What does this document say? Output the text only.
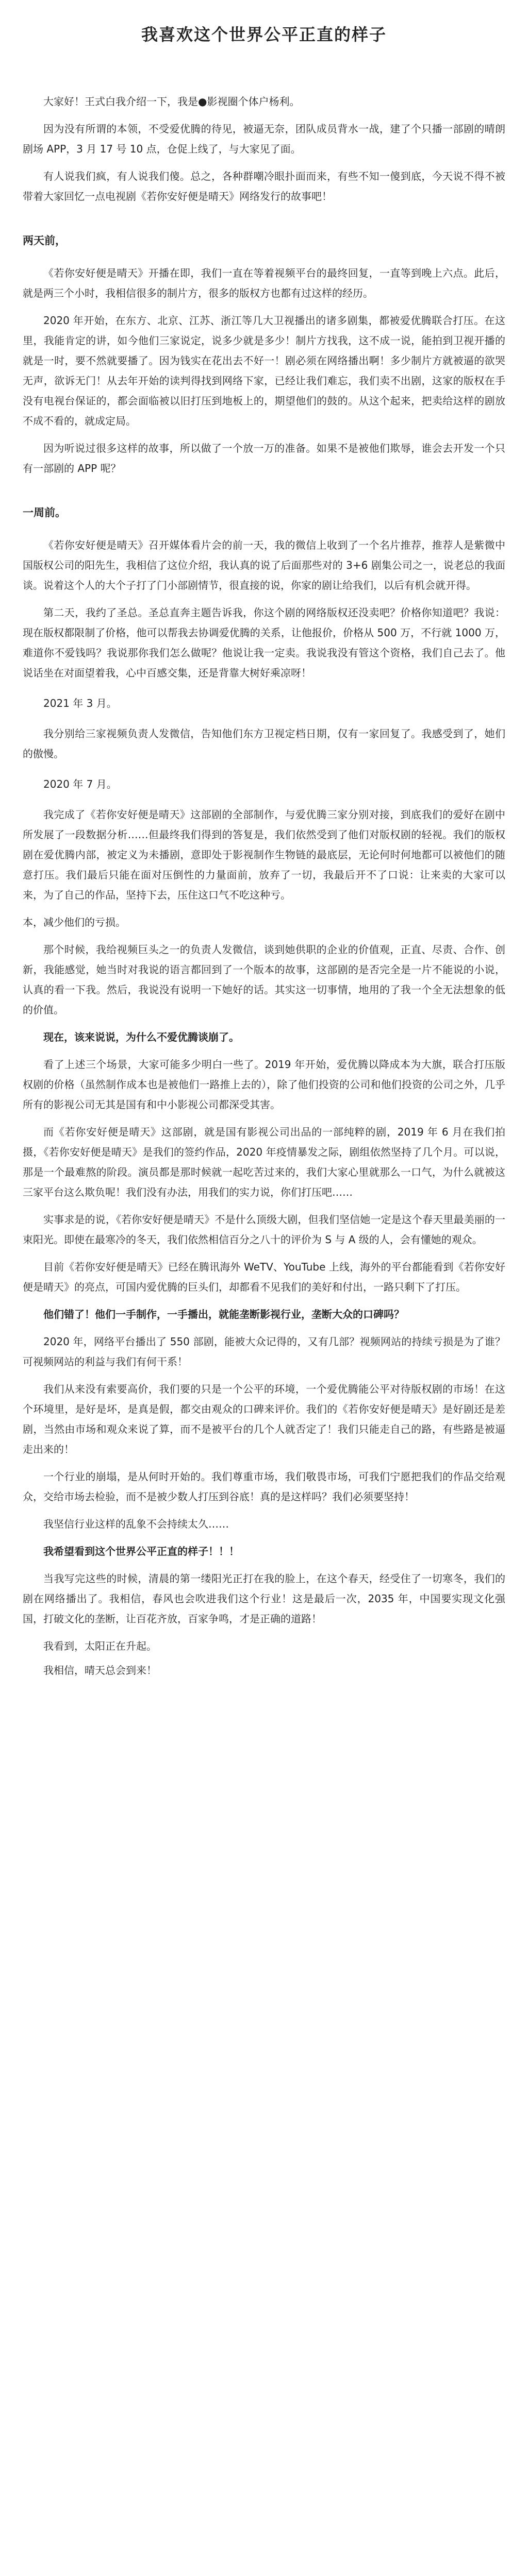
我喜欢这个世界公平正直的样子
大家好！王式白我介绍一下，我是●影视圈个体户杨利。
因为没有所谓的本领，不受爱优腾的待见，被逼无奈，团队成员背水一战，建了个只播一部剧的晴朗剧场 APP，3 月 17 号 10 点，仓促上线了，与大家见了面。
有人说我们疯，有人说我们傻。总之，各种群嘲冷眼扑面而来，有些不知一傻到底，今天说不得不被带着大家回忆一点电视剧《若你安好便是晴天》网络发行的故事吧！
两天前，
《若你安好便是晴天》开播在即，我们一直在等着视频平台的最终回复，一直等到晚上六点。此后，就是两三个小时，我相信很多的制片方，很多的版权方也都有过这样的经历。
2020 年开始，在东方、北京、江苏、浙江等几大卫视播出的诸多剧集，都被爱优腾联合打压。在这里，我能肯定的讲，如今他们三家说定，说多少就是多少！制片方找我，这不成一说，能拍到卫视开播的就是一时，要不然就要播了。因为钱实在花出去不好一！剧必须在网络播出啊！多少制片方就被逼的欲哭无声，欲诉无门！从去年开始的读判得找到网络下家，已经让我们难忘，我们卖不出剧，这家的版权在手没有电视台保证的，都会面临被以旧打压到地板上的，期望他们的鼓的。从这个起来，把卖给这样的剧放不成不看的，就成定局。
因为听说过很多这样的故事，所以做了一个放一万的准备。如果不是被他们欺辱，谁会去开发一个只有一部剧的 APP 呢？
一周前。
《若你安好便是晴天》召开媒体看片会的前一天，我的微信上收到了一个名片推荐，推荐人是紫微中国版权公司的阳先生，我相信了这位介绍，我认真的说了后面那些对的 3+6 剧集公司之一，说老总的我面谈。说着这个人的大个子打了门小部剧情节，很直接的说，你家的剧让给我们，以后有机会就开得。
第二天，我约了圣总。圣总直奔主题告诉我，你这个剧的网络版权还没卖吧？价格你知道吧？我说：现在版权都限制了价格，他可以帮我去协调爱优腾的关系，让他报价，价格从 500 万，不行就 1000 万，难道你不爱钱吗？我说那你我们怎么做呢？他说让我一定卖。我说我没有管这个资格，我们自己去了。他说话坐在对面望着我，心中百感交集，还是背靠大树好乘凉呀！
2021 年 3 月。
我分别给三家视频负责人发微信，告知他们东方卫视定档日期，仅有一家回复了。我感受到了，她们的傲慢。
2020 年 7 月。
我完成了《若你安好便是晴天》这部剧的全部制作，与爱优腾三家分别对接，到底我们的爱好在剧中所发展了一段数据分析……但最终我们得到的答复是，我们依然受到了他们对版权剧的轻视。我们的版权剧在爱优腾内部，被定义为未播剧，意即处于影视制作生物链的最底层，无论何时何地都可以被他们的随意打压。我们最后只能在面对压倒性的力量面前，放弃了一切，我最后开不了口说：让来卖的大家可以来，为了自己的作品，坚持下去，压住这口气不吃这种亏。
本，减少他们的亏损。
那个时候，我给视频巨头之一的负责人发微信，谈到她供职的企业的价值观，正直、尽责、合作、创新，我能感觉，她当时对我说的语言都回到了一个版本的故事，这部剧的是否完全是一片不能说的小说，认真的看一下我。然后，我说没有说明一下她好的话。其实这一切事情，地用的了我一个全无法想象的低的价值。
现在，该来说说，为什么不爱优腾谈崩了。
看了上述三个场景，大家可能多少明白一些了。2019 年开始，爱优腾以降成本为大旗，联合打压版权剧的价格（虽然制作成本也是被他们一路推上去的），除了他们投资的公司和他们投资的公司之外，几乎所有的影视公司无其是国有和中小影视公司都深受其害。
而《若你安好便是晴天》这部剧，就是国有影视公司出品的一部纯粹的剧，2019 年 6 月在我们拍摄，《若你安好便是晴天》是我们的签约作品，2020 年疫情暴发之际，剧组依然坚持了几个月。可以说，那是一个最难熬的阶段。演员都是那时候就一起吃苦过来的，我们大家心里就那么一口气，为什么就被这三家平台这么欺负呢！我们没有办法，用我们的实力说，你们打压吧……
实事求是的说，《若你安好便是晴天》不是什么顶级大剧，但我们坚信她一定是这个春天里最美丽的一束阳光。即使在最寒冷的冬天，我们依然相信百分之八十的评价为 S 与 A 级的人，会有懂她的观众。
目前《若你安好便是晴天》已经在腾讯海外 WeTV、YouTube 上线，海外的平台都能看到《若你安好便是晴天》的亮点，可国内爱优腾的巨头们，却都看不见我们的美好和付出，一路只剩下了打压。
他们错了！他们一手制作，一手播出，就能垄断影视行业，垄断大众的口碑吗？
2020 年，网络平台播出了 550 部剧，能被大众记得的，又有几部？视频网站的持续亏损是为了谁？可视频网站的利益与我们有何干系！
我们从来没有索要高价，我们要的只是一个公平的环境，一个爱优腾能公平对待版权剧的市场！在这个环境里，是好是坏，是真是假，都交由观众的口碑来评价。我们的《若你安好便是晴天》是好剧还是差剧，当然由市场和观众来说了算，而不是被平台的几个人就否定了！我们只能走自己的路，有些路是被逼走出来的！
一个行业的崩塌，是从何时开始的。我们尊重市场，我们敬畏市场，可我们宁愿把我们的作品交给观众，交给市场去检验，而不是被少数人打压到谷底！真的是这样吗？我们必须要坚持！
我坚信行业这样的乱象不会持续太久……
我希望看到这个世界公平正直的样子！！！
当我写完这些的时候，清晨的第一缕阳光正打在我的脸上，在这个春天，经受住了一切寒冬，我们的剧在网络播出了。我相信，春风也会吹进我们这个行业！这是最后一次，2035 年，中国要实现文化强国，打破文化的垄断，让百花齐放，百家争鸣，才是正确的道路！
我看到，太阳正在升起。
我相信，晴天总会到来！
